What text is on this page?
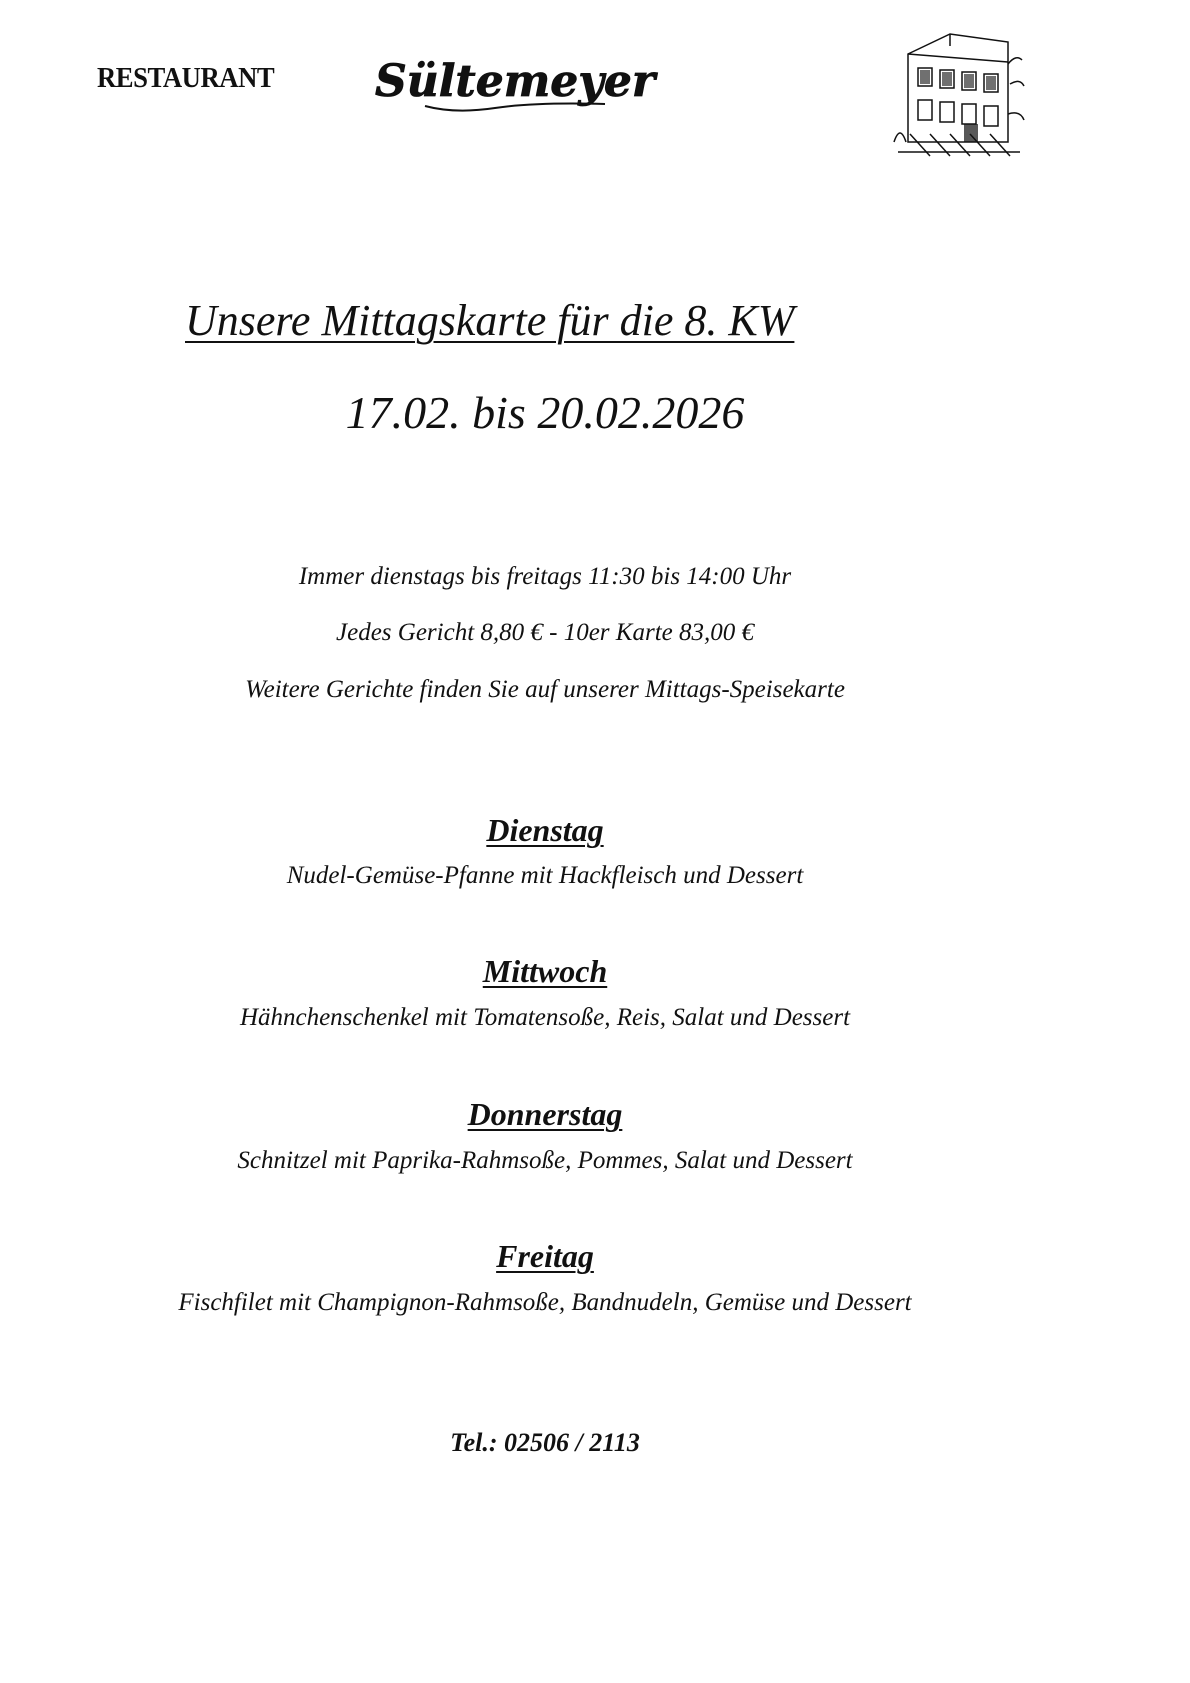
RESTAURANT Sültemeyer
Unsere Mittagskarte für die 8. KW
17.02. bis 20.02.2026
Immer dienstags bis freitags 11:30 bis 14:00 Uhr
Jedes Gericht 8,80 € - 10er Karte 83,00 €
Weitere Gerichte finden Sie auf unserer Mittags-Speisekarte
Dienstag
Nudel-Gemüse-Pfanne mit Hackfleisch und Dessert
Mittwoch
Hähnchenschenkel mit Tomatensoße, Reis, Salat und Dessert
Donnerstag
Schnitzel mit Paprika-Rahmsoße, Pommes, Salat und Dessert
Freitag
Fischfilet mit Champignon-Rahmsoße, Bandnudeln, Gemüse und Dessert
Tel.: 02506 / 2113
